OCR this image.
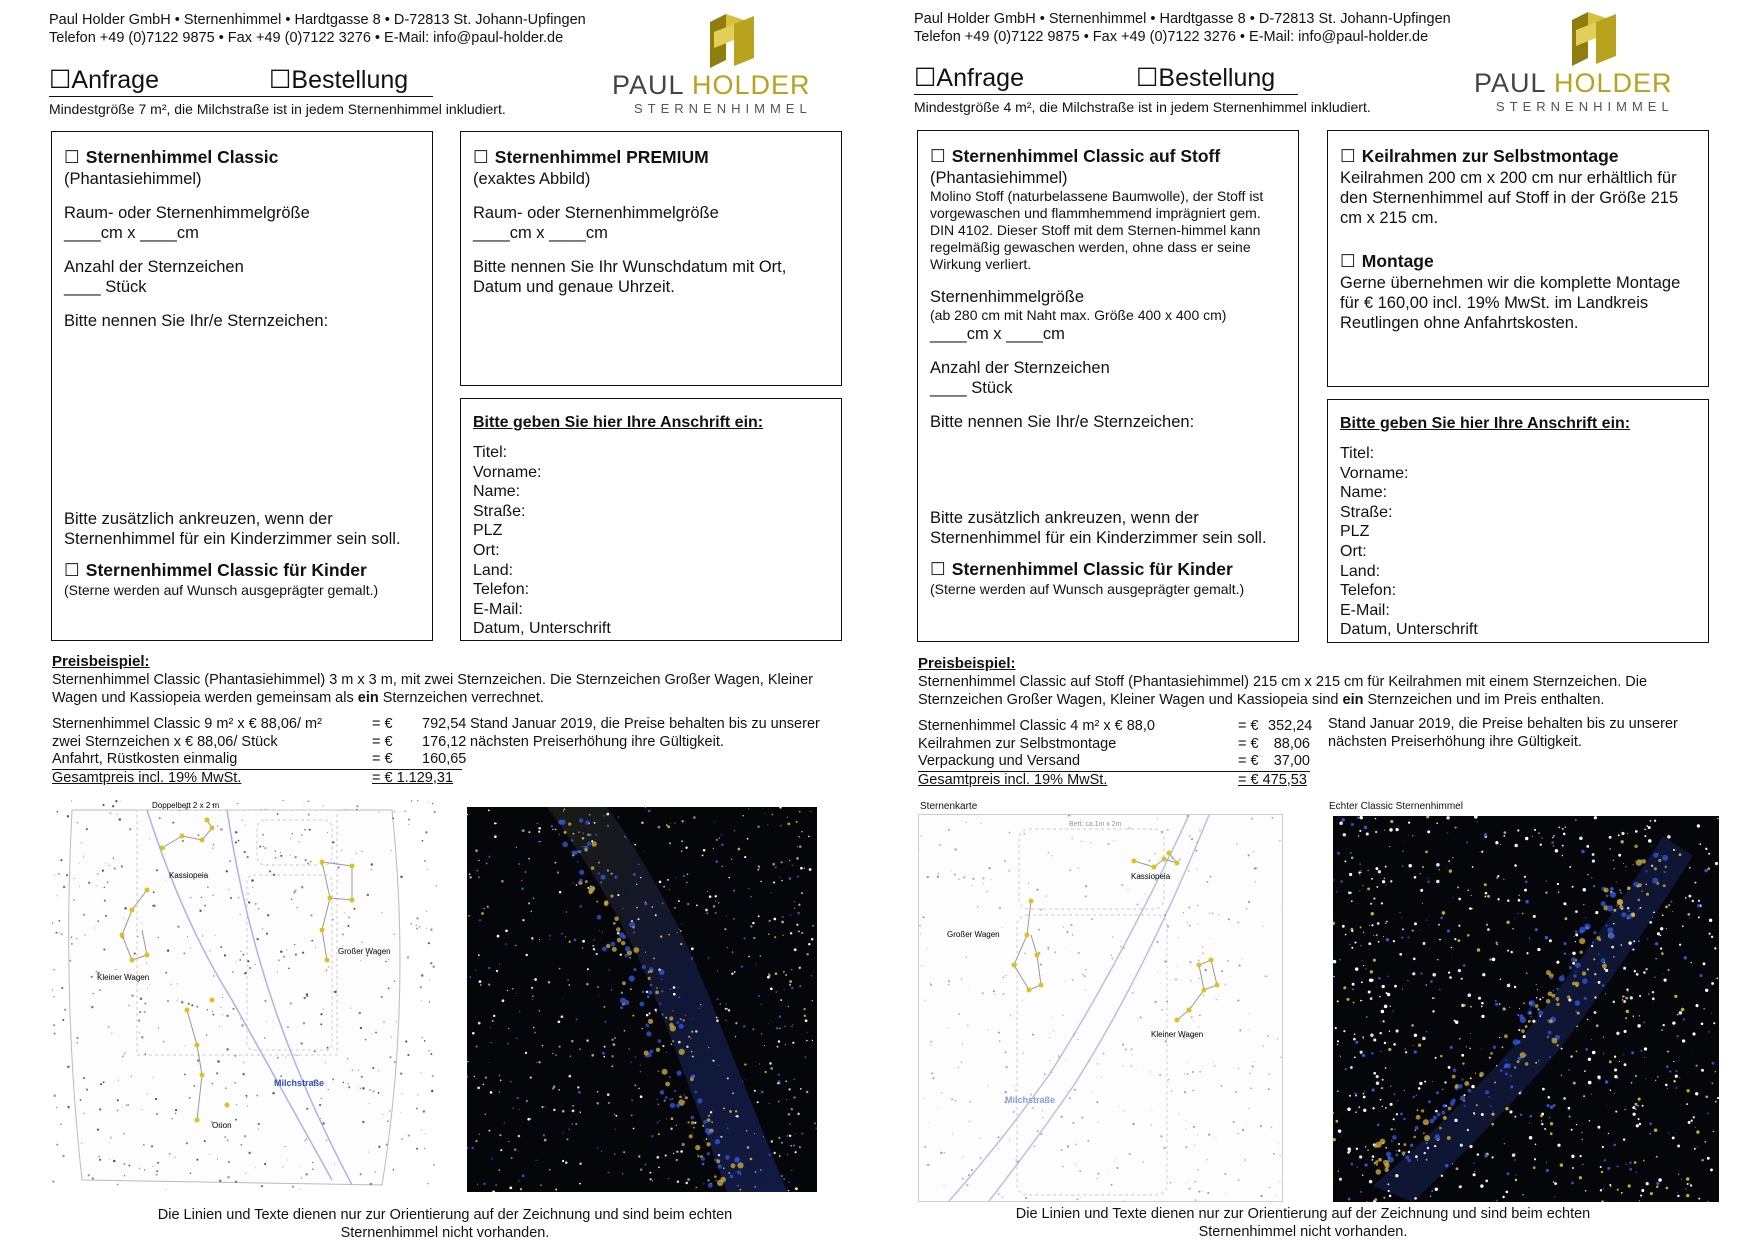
Paul Holder GmbH • Sternenhimmel • Hardtgasse 8 • D-72813 St. Johann-Upfingen
Telefon +49 (0)7122 9875 • Fax +49 (0)7122 3276 • E-Mail: info@paul-holder.de
☐Anfrage	☐Bestellung
Mindestgröße 7 m², die Milchstraße ist in jedem Sternenhimmel inkludiert.
PAUL HOLDER
STERNENHIMMEL
☐ Sternenhimmel Classic

(Phantasiehimmel)

Raum- oder Sternenhimmelgröße

____cm x ____cm

Anzahl der Sternzeichen

____ Stück

Bitte nennen Sie Ihr/e Sternzeichen:

Bitte zusätzlich ankreuzen, wenn der Sternenhimmel für ein Kinderzimmer sein soll.

☐ Sternenhimmel Classic für Kinder

(Sterne werden auf Wunsch ausgeprägter gemalt.)

☐ Sternenhimmel PREMIUM

(exaktes Abbild)

Raum- oder Sternenhimmelgröße

____cm x ____cm

Bitte nennen Sie Ihr Wunschdatum mit Ort, Datum und genaue Uhrzeit.

Bitte geben Sie hier Ihre Anschrift ein:
Titel:
Vorname:
Name:
Straße:
PLZ
Ort:
Land:
Telefon:
E-Mail:
Datum, Unterschrift
Preisbeispiel:
Sternenhimmel Classic (Phantasiehimmel) 3 m x 3 m, mit zwei Sternzeichen. Die Sternzeichen Großer Wagen, Kleiner Wagen und Kassiopeia werden gemeinsam als ein Sternzeichen verrechnet.
Sternenhimmel Classic 9 m² x € 88,06/ m²	= €	792,54
zwei Sternzeichen x € 88,06/ Stück	= €	176,12
Anfahrt, Rüstkosten einmalig	= €	160,65
Gesamtpreis incl. 19% MwSt.	= € 1.129,31
Stand Januar 2019, die Preise behalten bis zu unserer nächsten Preiserhöhung ihre Gültigkeit.
Doppelbett 2 x 2 m
Kassiopeia
Großer Wagen
Kleiner Wagen
Milchstraße
Orion
Die Linien und Texte dienen nur zur Orientierung auf der Zeichnung und sind beim echten Sternenhimmel nicht vorhanden.
Paul Holder GmbH • Sternenhimmel • Hardtgasse 8 • D-72813 St. Johann-Upfingen
Telefon +49 (0)7122 9875 • Fax +49 (0)7122 3276 • E-Mail: info@paul-holder.de
☐Anfrage	☐Bestellung
Mindestgröße 4 m², die Milchstraße ist in jedem Sternenhimmel inkludiert.
PAUL HOLDER
STERNENHIMMEL
☐ Sternenhimmel Classic auf Stoff

(Phantasiehimmel)

Molino Stoff (naturbelassene Baumwolle), der Stoff ist vorgewaschen und flammhemmend imprägniert gem. DIN 4102. Dieser Stoff mit dem Sternen-himmel kann regelmäßig gewaschen werden, ohne dass er seine Wirkung verliert.

Sternenhimmelgröße

(ab 280 cm mit Naht max. Größe 400 x 400 cm)

____cm x ____cm

Anzahl der Sternzeichen

____ Stück

Bitte nennen Sie Ihr/e Sternzeichen:

Bitte zusätzlich ankreuzen, wenn der Sternenhimmel für ein Kinderzimmer sein soll.

☐ Sternenhimmel Classic für Kinder

(Sterne werden auf Wunsch ausgeprägter gemalt.)

☐ Keilrahmen zur Selbstmontage

Keilrahmen 200 cm x 200 cm nur erhältlich für den Sternenhimmel auf Stoff in der Größe 215 cm x 215 cm.

☐ Montage

Gerne übernehmen wir die komplette Montage für € 160,00 incl. 19% MwSt. im Landkreis Reutlingen ohne Anfahrtskosten.

Bitte geben Sie hier Ihre Anschrift ein:
Titel:
Vorname:
Name:
Straße:
PLZ
Ort:
Land:
Telefon:
E-Mail:
Datum, Unterschrift
Preisbeispiel:
Sternenhimmel Classic auf Stoff (Phantasiehimmel) 215 cm x 215 cm für Keilrahmen mit einem Sternzeichen. Die Sternzeichen Großer Wagen, Kleiner Wagen und Kassiopeia sind ein Sternzeichen und im Preis enthalten.
Sternenhimmel Classic 4 m² x € 88,0	= € 352,24
Keilrahmen zur Selbstmontage	= €	88,06
Verpackung und Versand	= €	37,00
Gesamtpreis incl. 19% MwSt.	= € 475,53
Stand Januar 2019, die Preise behalten bis zu unserer nächsten Preiserhöhung ihre Gültigkeit.
Sternenkarte	Echter Classic Sternenhimmel
Bett: ca.1m x 2m
Kassiopeia
Großer Wagen
Kleiner Wagen
Milchstraße
Die Linien und Texte dienen nur zur Orientierung auf der Zeichnung und sind beim echten Sternenhimmel nicht vorhanden.
